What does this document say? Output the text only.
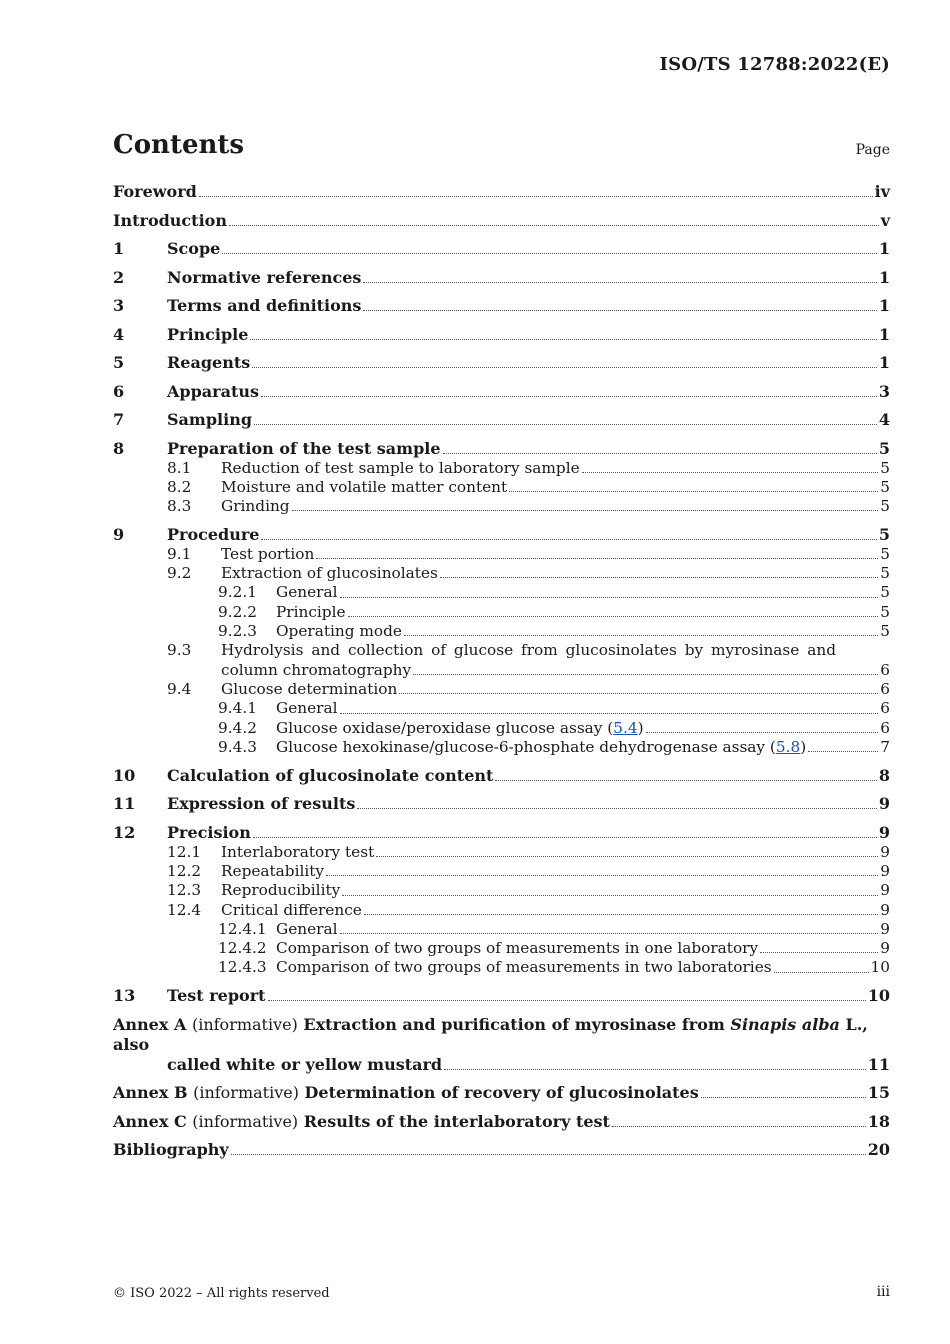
ISO/TS 12788:2022(E)
Contents	Page
Foreword	iv
Introduction	v
1	Scope	1
2	Normative references	1
3	Terms and definitions	1
4	Principle	1
5	Reagents	1
6	Apparatus	3
7	Sampling	4
8	Preparation of the test sample	5
8.1	Reduction of test sample to laboratory sample	5
8.2	Moisture and volatile matter content	5
8.3	Grinding	5
9	Procedure	5
9.1	Test portion	5
9.2	Extraction of glucosinolates	5
9.2.1	General	5
9.2.2	Principle	5
9.2.3	Operating mode	5
9.3	Hydrolysis and collection of glucose from glucosinolates by myrosinase and
column chromatography	6
9.4	Glucose determination	6
9.4.1	General	6
9.4.2	Glucose oxidase/peroxidase glucose assay (5.4)	6
9.4.3	Glucose hexokinase/glucose-6-phosphate dehydrogenase assay (5.8)	7
10	Calculation of glucosinolate content	8
11	Expression of results	9
12	Precision	9
12.1	Interlaboratory test	9
12.2	Repeatability	9
12.3	Reproducibility	9
12.4	Critical difference	9
12.4.1 General	9
12.4.2 Comparison of two groups of measurements in one laboratory	9
12.4.3 Comparison of two groups of measurements in two laboratories	10
13	Test report	10
Annex A (informative) Extraction and purification of myrosinase from Sinapis alba L., also
called white or yellow mustard	11
Annex B (informative) Determination of recovery of glucosinolates	15
Annex C (informative) Results of the interlaboratory test	18
Bibliography	20
© ISO 2022 – All rights reserved	iii
